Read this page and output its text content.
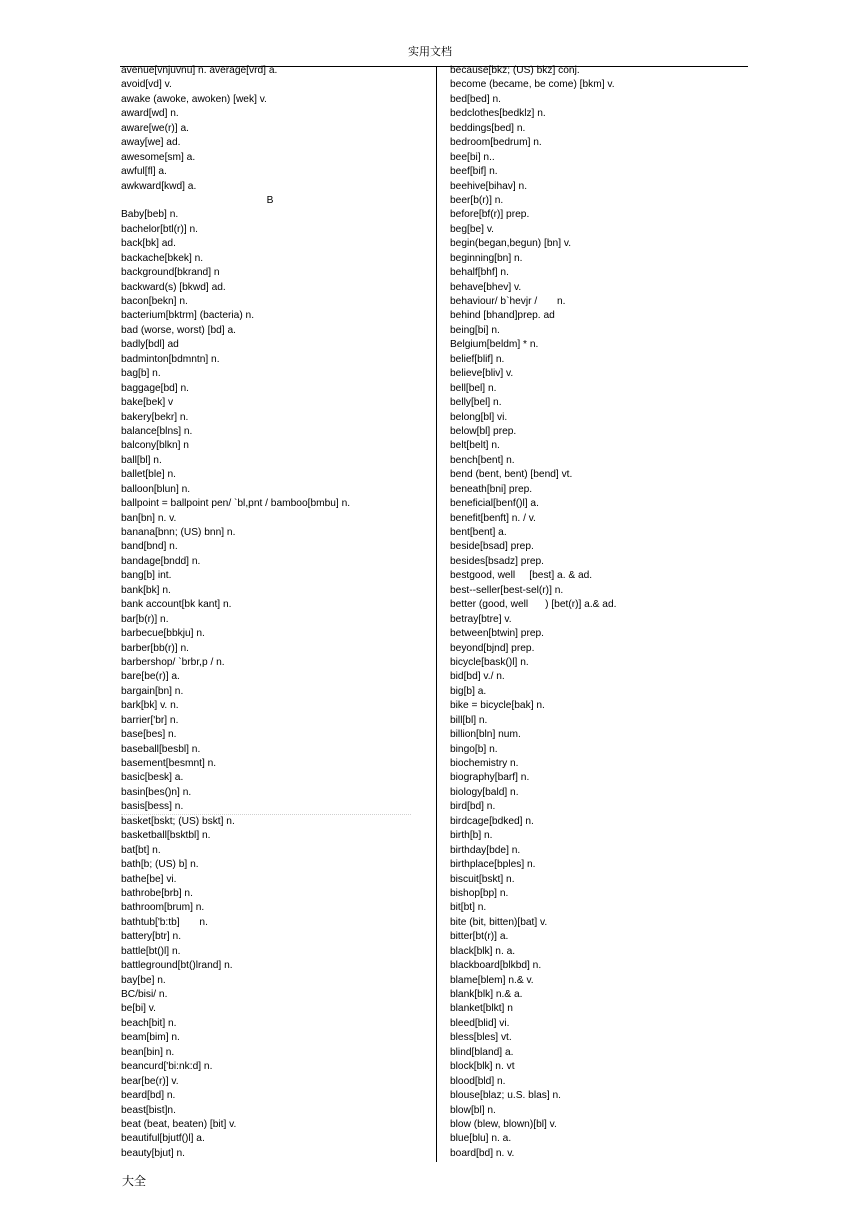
实用文档
avenue[vnjuvnu] n. average[vrd] a.
avoid[vd] v.
awake (awoke, awoken) [wek] v.
award[wd] n.
aware[we(r)] a.
away[we] ad.
awesome[sm] a.
awful[fl] a.
awkward[kwd] a.
B
Baby[beb] n.
bachelor[btl(r)] n.
back[bk] ad.
backache[bkek] n.
background[bkrand] n
backward(s) [bkwd] ad.
bacon[bekn] n.
bacterium[bktrm] (bacteria) n.
bad (worse, worst) [bd] a.
badly[bdl] ad
badminton[bdmntn] n.
bag[b] n.
baggage[bd] n.
bake[bek] v
bakery[bekr] n.
balance[blns] n.
balcony[blkn] n
ball[bl] n.
ballet[ble] n.
balloon[blun] n.
ballpoint = ballpoint pen/ `bl,pnt / bamboo[bmbu] n.
ban[bn] n. v.
banana[bnn; (US) bnn] n.
band[bnd] n.
bandage[bndd] n.
bang[b] int.
bank[bk] n.
bank account[bk kant] n.
bar[b(r)] n.
barbecue[bbkju] n.
barber[bb(r)] n.
barbershop/ `brbr,p / n.
bare[be(r)] a.
bargain[bn] n.
bark[bk] v. n.
barrier['br] n.
base[bes] n.
baseball[besbl] n.
basement[besmnt] n.
basic[besk] a.
basin[bes()n] n.
basis[bess] n.
basket[bskt; (US) bskt] n.
basketball[bsktbl] n.
bat[bt] n.
bath[b; (US) b] n.
bathe[be] vi.
bathrobe[brb] n.
bathroom[brum] n.
bathtub['b:tb]       n.
battery[btr] n.
battle[bt()l] n.
battleground[bt()lrand] n.
bay[be] n.
BC/bisi/ n.
be[bi] v.
beach[bit] n.
beam[bim] n.
bean[bin] n.
beancurd['bi:nk:d] n.
bear[be(r)] v.
beard[bd] n.
beast[bist]n.
beat (beat, beaten) [bit] v.
beautiful[bjutf()l] a.
beauty[bjut] n.
because[bkz; (US) bkz] conj.
become (became, be come) [bkm] v.
bed[bed] n.
bedclothes[bedklz] n.
beddings[bed] n.
bedroom[bedrum] n.
bee[bi] n..
beef[bif] n.
beehive[bihav] n.
beer[b(r)] n.
before[bf(r)] prep.
beg[be] v.
begin(began,begun) [bn] v.
beginning[bn] n.
behalf[bhf] n.
behave[bhev] v.
behaviour/ b`hevjr /       n.
behind [bhand]prep. ad
being[bi] n.
Belgium[beldm] * n.
belief[blif] n.
believe[bliv] v.
bell[bel] n.
belly[bel] n.
belong[bl] vi.
below[bl] prep.
belt[belt] n.
bench[bent] n.
bend (bent, bent) [bend] vt.
beneath[bni] prep.
beneficial[benf()l] a.
benefit[benft] n. / v.
bent[bent] a.
beside[bsad] prep.
besides[bsadz] prep.
bestgood, well     [best] a. & ad.
best--seller[best-sel(r)] n.
better (good, well      ) [bet(r)] a.& ad.
betray[btre] v.
between[btwin] prep.
beyond[bjnd] prep.
bicycle[bask()l] n.
bid[bd] v./ n.
big[b] a.
bike = bicycle[bak] n.
bill[bl] n.
billion[bln] num.
bingo[b] n.
biochemistry n.
biography[barf] n.
biology[bald] n.
bird[bd] n.
birdcage[bdked] n.
birth[b] n.
birthday[bde] n.
birthplace[bples] n.
biscuit[bskt] n.
bishop[bp] n.
bit[bt] n.
bite (bit, bitten)[bat] v.
bitter[bt(r)] a.
black[blk] n. a.
blackboard[blkbd] n.
blame[blem] n.& v.
blank[blk] n.& a.
blanket[blkt] n
bleed[blid] vi.
bless[bles] vt.
blind[bland] a.
block[blk] n. vt
blood[bld] n.
blouse[blaz; u.S. blas] n.
blow[bl] n.
blow (blew, blown)[bl] v.
blue[blu] n. a.
board[bd] n. v.
大全
